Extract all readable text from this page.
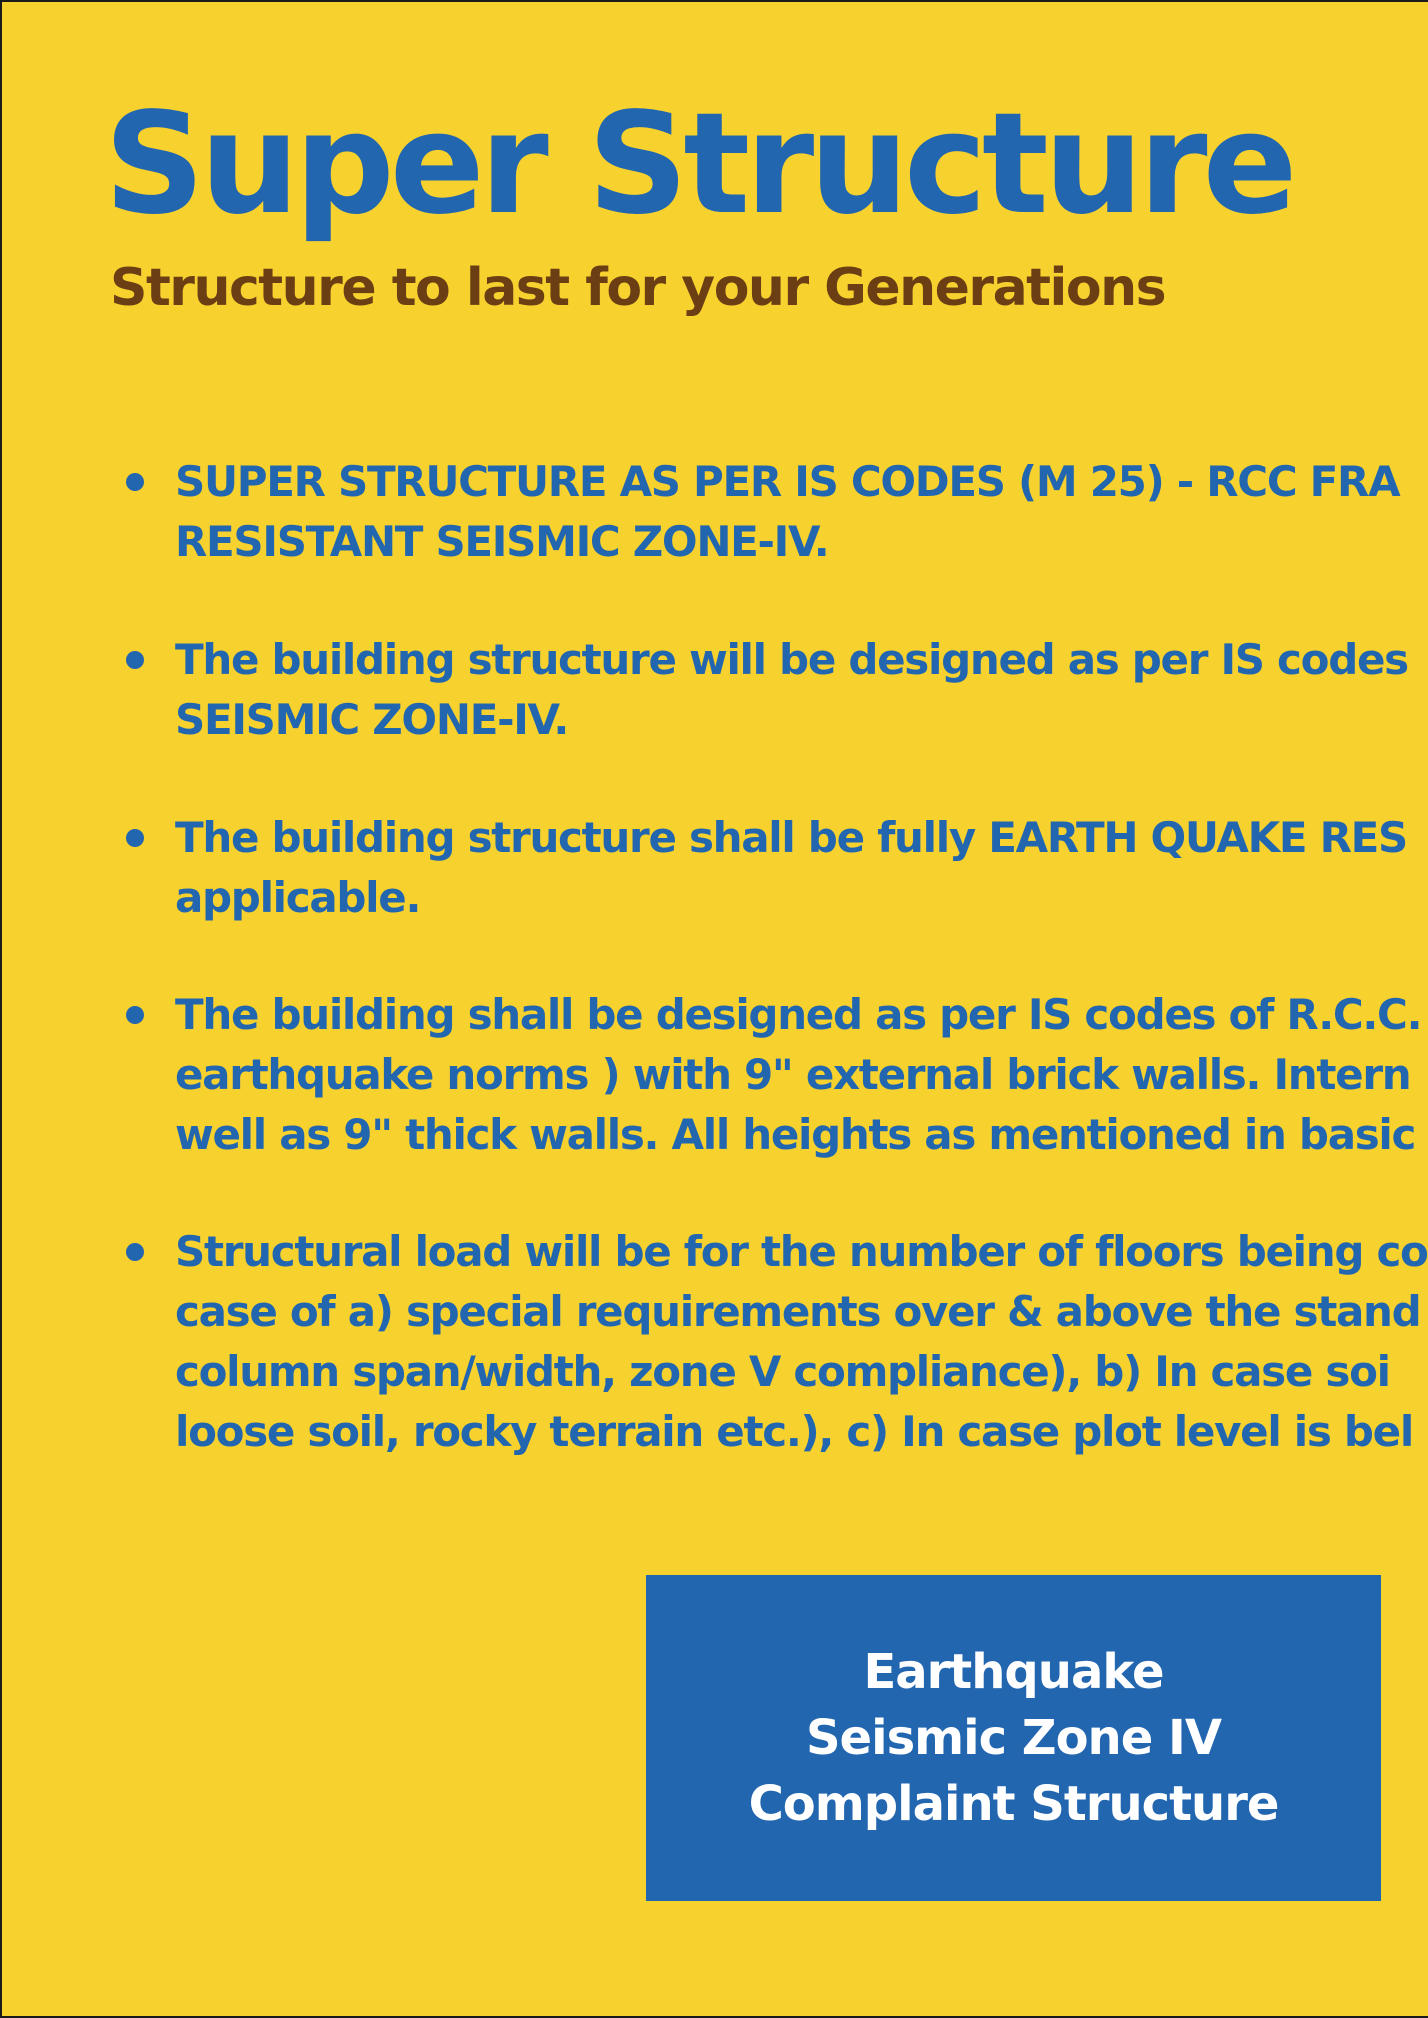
Super Structure
Structure to last for your Generations

SUPER STRUCTURE AS PER IS CODES (M 25) - RCC FRA

RESISTANT SEISMIC ZONE-IV.

The building structure will be designed as per IS codes

SEISMIC ZONE-IV.

The building structure shall be fully EARTH QUAKE RES

applicable.

The building shall be designed as per IS codes of R.C.C.

earthquake norms ) with 9" external brick walls. Intern

well as 9" thick walls. All heights as mentioned in basic

Structural load will be for the number of floors being co

case of a) special requirements over & above the stand

column span/width, zone V compliance), b) In case soi

loose soil, rocky terrain etc.), c) In case plot level is bel

Earthquake
Seismic Zone IV
Complaint Structure
